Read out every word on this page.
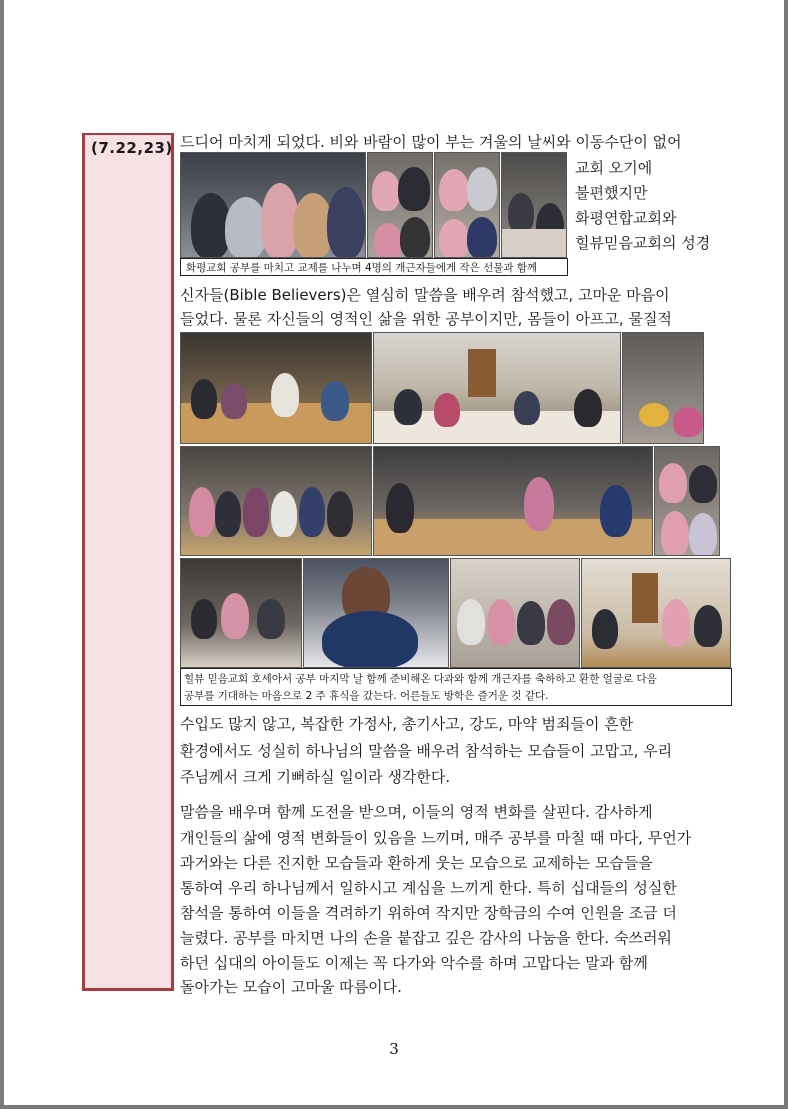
(7.22,23) 드디어 마치게 되었다. 비와 바람이 많이 부는 겨울의 날씨와 이동수단이 없어
교회 오기에
불편했지만
화평연합교회와
힐뷰믿음교회의 성경
화평교회 공부를 마치고 교제를 나누며 4명의 개근자들에게 작은 선물과 함께
신자들(Bible Believers)은 열심히 말씀을 배우려 참석했고, 고마운 마음이
들었다. 물론 자신들의 영적인 삶을 위한 공부이지만, 몸들이 아프고, 물질적
힐뷰 믿음교회 호세아서 공부 마지막 날 함께 준비해온 다과와 함께 개근자를 축하하고 환한 얼굴로 다음
공부를 기대하는 마음으로 2 주 휴식을 갔는다. 어른들도 방학은 즐거운 것 같다.
수입도 많지 않고, 복잡한 가정사, 총기사고, 강도, 마약 범죄들이 흔한
환경에서도 성실히 하나님의 말씀을 배우려 참석하는 모습들이 고맙고, 우리
주님께서 크게 기뻐하실 일이라 생각한다.
말씀을 배우며 함께 도전을 받으며, 이들의 영적 변화를 살핀다. 감사하게
개인들의 삶에 영적 변화들이 있음을 느끼며, 매주 공부를 마칠 때 마다, 무언가
과거와는 다른 진지한 모습들과 환하게 웃는 모습으로 교제하는 모습들을
통하여 우리 하나님께서 일하시고 계심을 느끼게 한다. 특히 십대들의 성실한
참석을 통하여 이들을 격려하기 위하여 작지만 장학금의 수여 인원을 조금 더
늘렸다. 공부를 마치면 나의 손을 붙잡고 깊은 감사의 나눔을 한다. 숙쓰러워
하던 십대의 아이들도 이제는 꼭 다가와 악수를 하며 고맙다는 말과 함께
돌아가는 모습이 고마울 따름이다.
3
